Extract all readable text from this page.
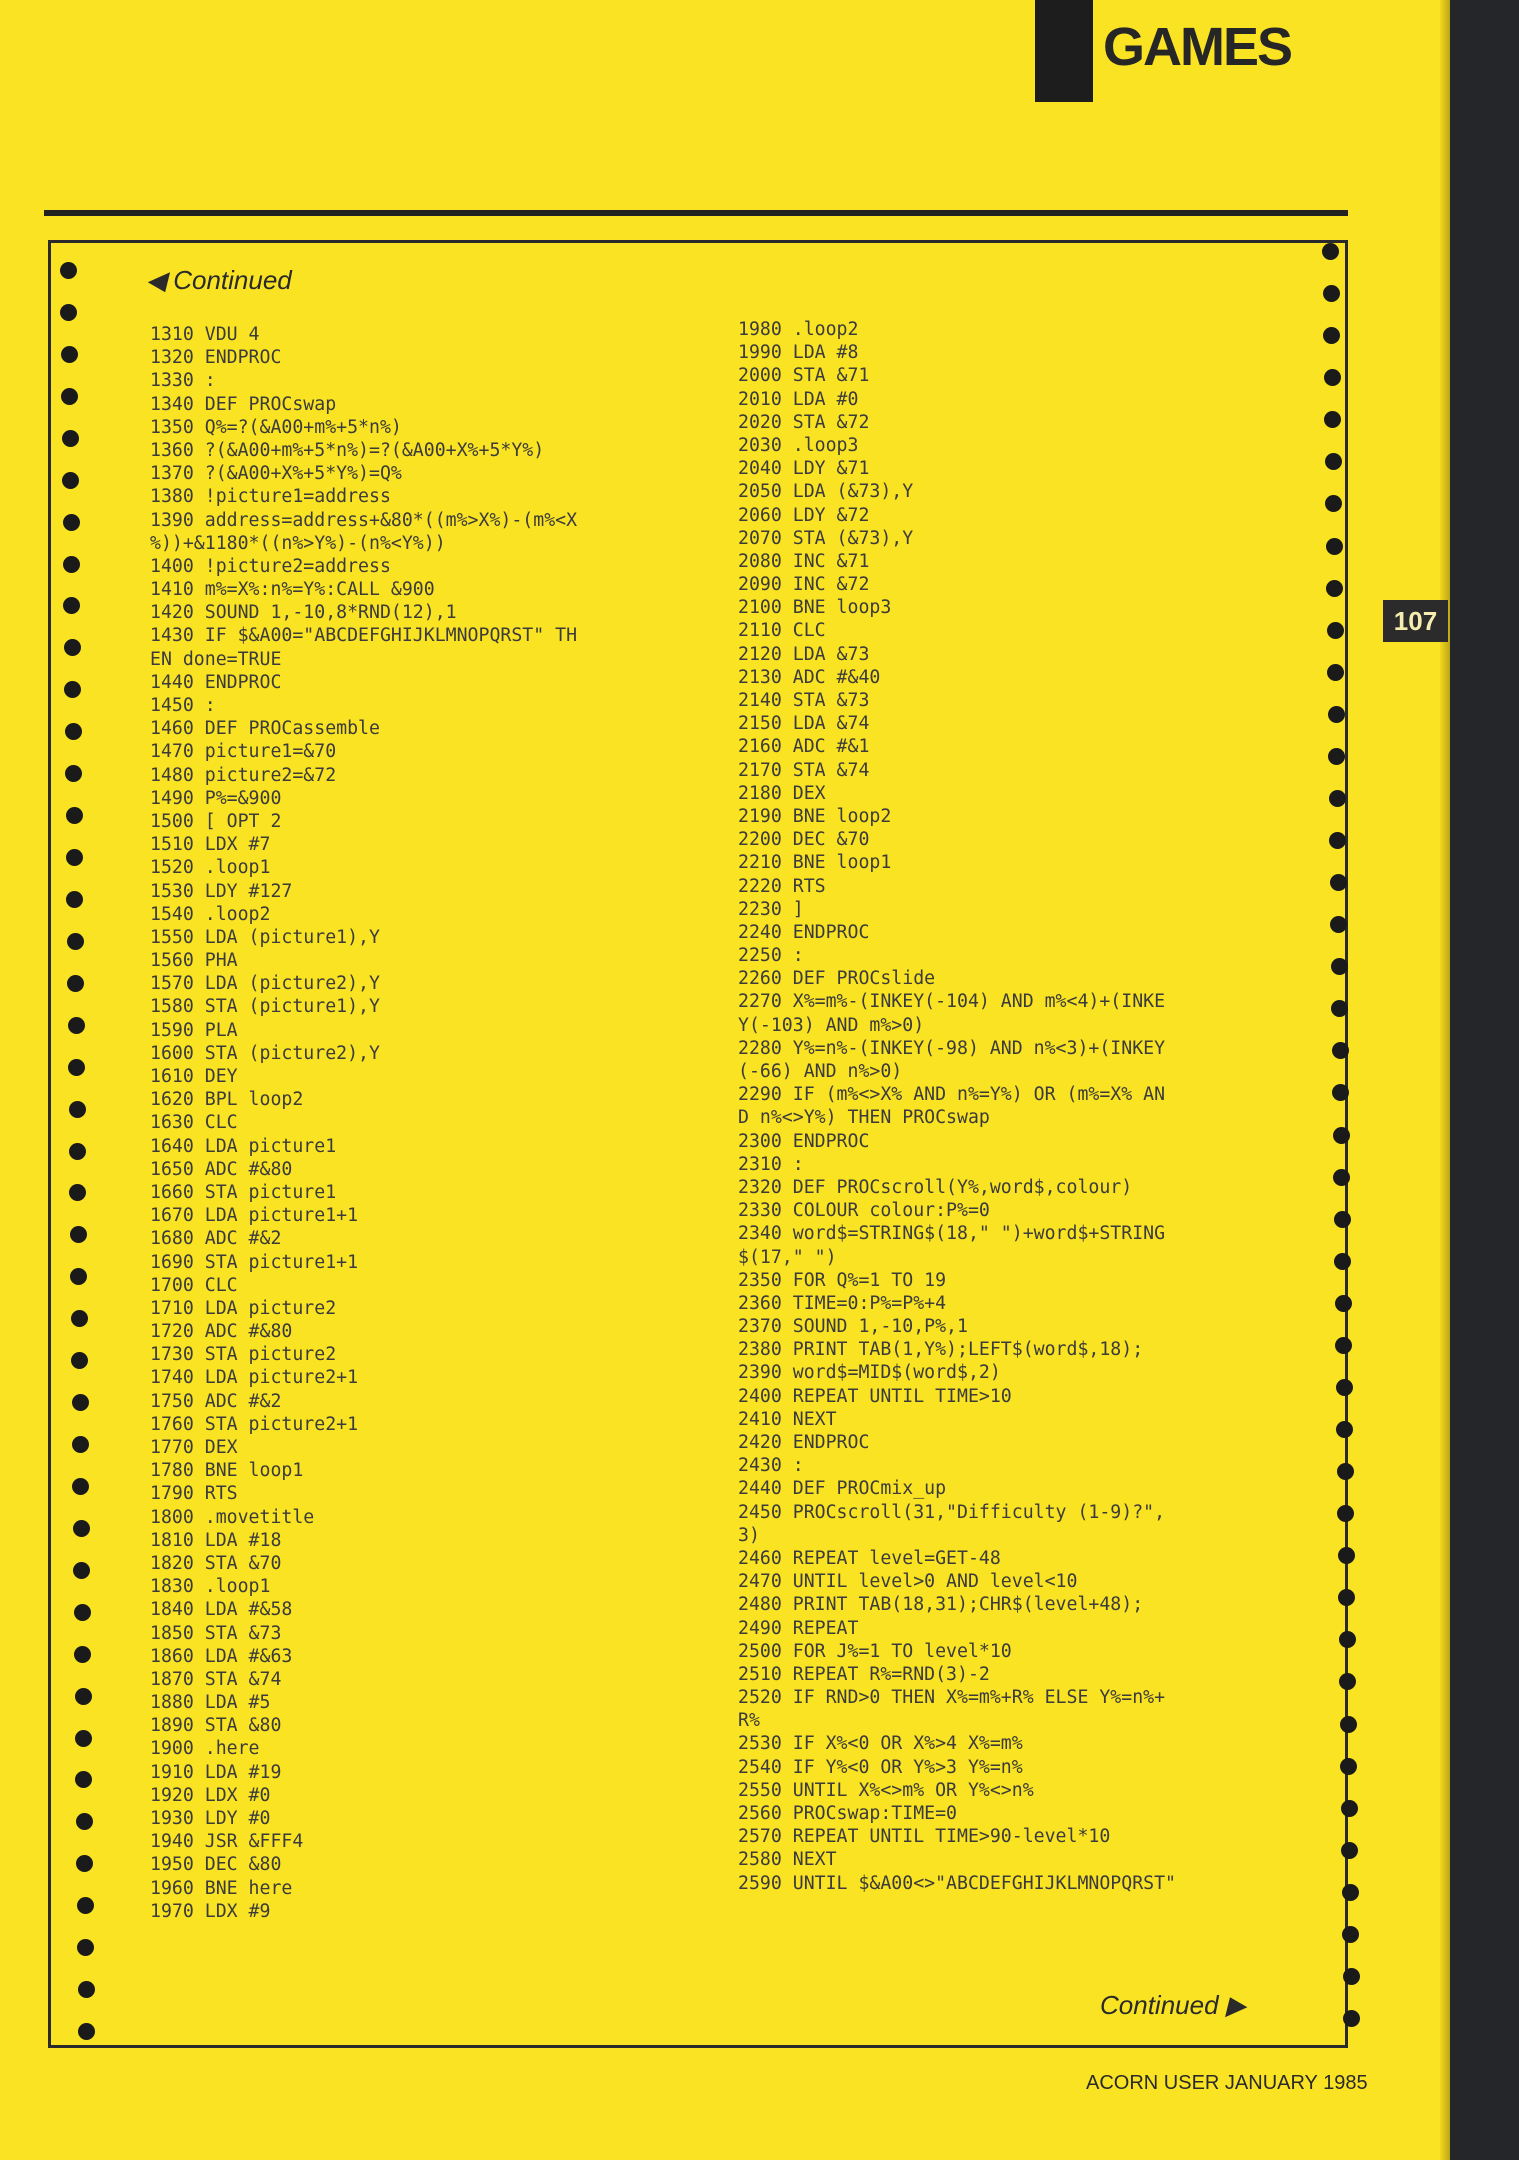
GAMES
107
◀ Continued
1310 VDU 4
1320 ENDPROC
1330 :
1340 DEF PROCswap
1350 Q%=?(&A00+m%+5*n%)
1360 ?(&A00+m%+5*n%)=?(&A00+X%+5*Y%)
1370 ?(&A00+X%+5*Y%)=Q%
1380 !picture1=address
1390 address=address+&80*((m%>X%)-(m%<X
%))+&1180*((n%>Y%)-(n%<Y%))
1400 !picture2=address
1410 m%=X%:n%=Y%:CALL &900
1420 SOUND 1,-10,8*RND(12),1
1430 IF $&A00="ABCDEFGHIJKLMNOPQRST" TH
EN done=TRUE
1440 ENDPROC
1450 :
1460 DEF PROCassemble
1470 picture1=&70
1480 picture2=&72
1490 P%=&900
1500 [ OPT 2
1510 LDX #7
1520 .loop1
1530 LDY #127
1540 .loop2
1550 LDA (picture1),Y
1560 PHA
1570 LDA (picture2),Y
1580 STA (picture1),Y
1590 PLA
1600 STA (picture2),Y
1610 DEY
1620 BPL loop2
1630 CLC
1640 LDA picture1
1650 ADC #&80
1660 STA picture1
1670 LDA picture1+1
1680 ADC #&2
1690 STA picture1+1
1700 CLC
1710 LDA picture2
1720 ADC #&80
1730 STA picture2
1740 LDA picture2+1
1750 ADC #&2
1760 STA picture2+1
1770 DEX
1780 BNE loop1
1790 RTS
1800 .movetitle
1810 LDA #18
1820 STA &70
1830 .loop1
1840 LDA #&58
1850 STA &73
1860 LDA #&63
1870 STA &74
1880 LDA #5
1890 STA &80
1900 .here
1910 LDA #19
1920 LDX #0
1930 LDY #0
1940 JSR &FFF4
1950 DEC &80
1960 BNE here
1970 LDX #9
1980 .loop2
1990 LDA #8
2000 STA &71
2010 LDA #0
2020 STA &72
2030 .loop3
2040 LDY &71
2050 LDA (&73),Y
2060 LDY &72
2070 STA (&73),Y
2080 INC &71
2090 INC &72
2100 BNE loop3
2110 CLC
2120 LDA &73
2130 ADC #&40
2140 STA &73
2150 LDA &74
2160 ADC #&1
2170 STA &74
2180 DEX
2190 BNE loop2
2200 DEC &70
2210 BNE loop1
2220 RTS
2230 ]
2240 ENDPROC
2250 :
2260 DEF PROCslide
2270 X%=m%-(INKEY(-104) AND m%<4)+(INKE
Y(-103) AND m%>0)
2280 Y%=n%-(INKEY(-98) AND n%<3)+(INKEY
(-66) AND n%>0)
2290 IF (m%<>X% AND n%=Y%) OR (m%=X% AN
D n%<>Y%) THEN PROCswap
2300 ENDPROC
2310 :
2320 DEF PROCscroll(Y%,word$,colour)
2330 COLOUR colour:P%=0
2340 word$=STRING$(18," ")+word$+STRING
$(17," ")
2350 FOR Q%=1 TO 19
2360 TIME=0:P%=P%+4
2370 SOUND 1,-10,P%,1
2380 PRINT TAB(1,Y%);LEFT$(word$,18);
2390 word$=MID$(word$,2)
2400 REPEAT UNTIL TIME>10
2410 NEXT
2420 ENDPROC
2430 :
2440 DEF PROCmix_up
2450 PROCscroll(31,"Difficulty (1-9)?",
3)
2460 REPEAT level=GET-48
2470 UNTIL level>0 AND level<10
2480 PRINT TAB(18,31);CHR$(level+48);
2490 REPEAT
2500 FOR J%=1 TO level*10
2510 REPEAT R%=RND(3)-2
2520 IF RND>0 THEN X%=m%+R% ELSE Y%=n%+
R%
2530 IF X%<0 OR X%>4 X%=m%
2540 IF Y%<0 OR Y%>3 Y%=n%
2550 UNTIL X%<>m% OR Y%<>n%
2560 PROCswap:TIME=0
2570 REPEAT UNTIL TIME>90-level*10
2580 NEXT
2590 UNTIL $&A00<>"ABCDEFGHIJKLMNOPQRST"
Continued ▶
ACORN USER JANUARY 1985
